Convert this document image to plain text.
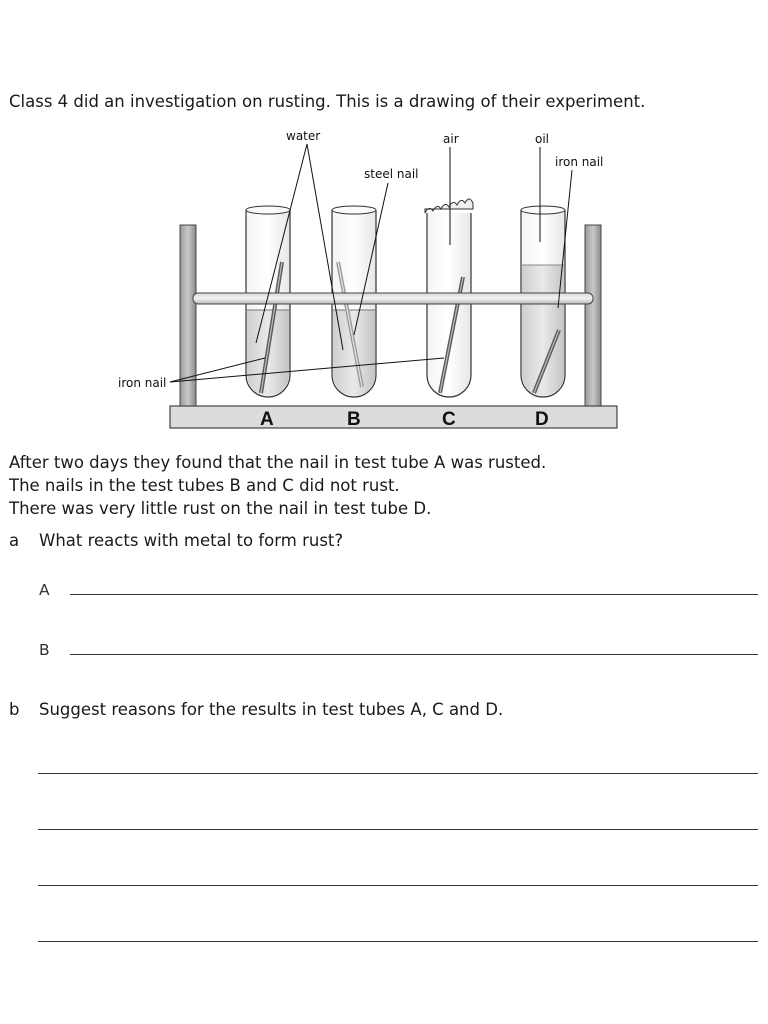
Class 4 did an investigation on rusting. This is a drawing of their experiment.
A	B	C	D
water	air	oil
iron nail
steel nail
iron nail
After two days they found that the nail in test tube A was rusted.
The nails in the test tubes B and C did not rust.
There was very little rust on the nail in test tube D.
a What reacts with metal to form rust?
A
B
b Suggest reasons for the results in test tubes A, C and D.
